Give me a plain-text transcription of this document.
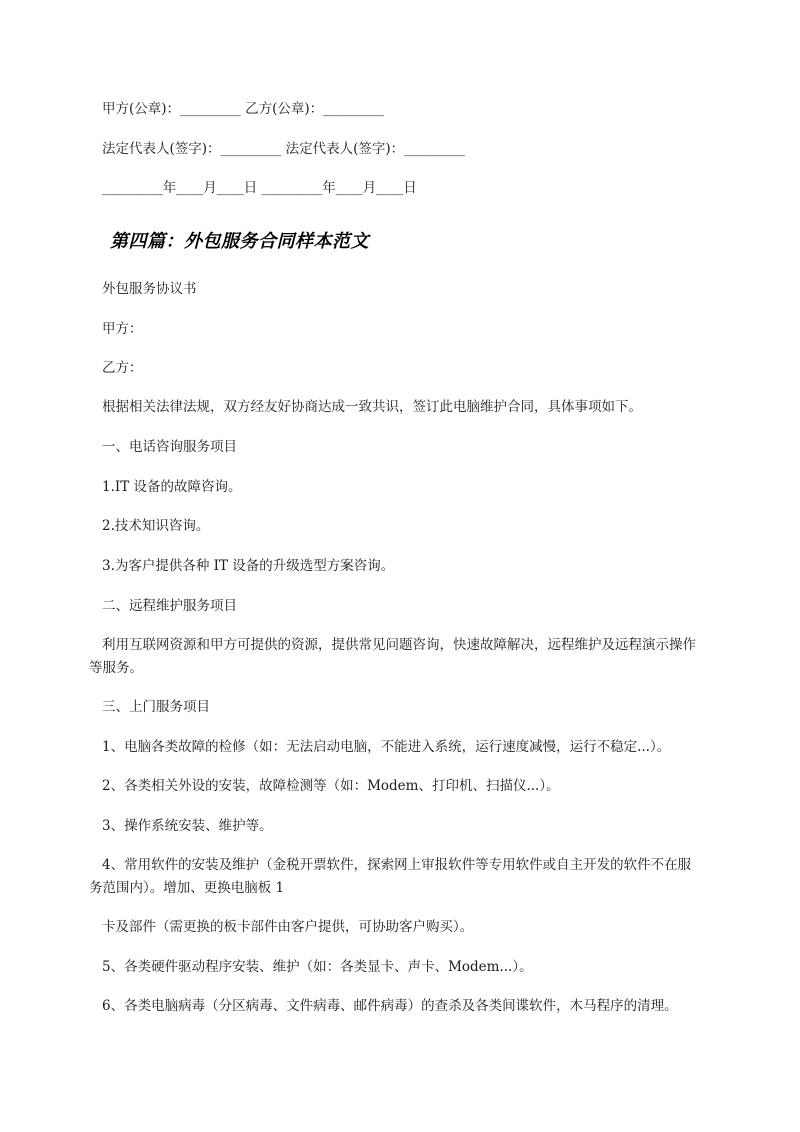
甲方(公章)：_________ 乙方(公章)：_________
法定代表人(签字)：_________ 法定代表人(签字)：_________
_________年____月____日 _________年____月____日
第四篇：外包服务合同样本范文
外包服务协议书
甲方：
乙方：
根据相关法律法规，双方经友好协商达成一致共识，签订此电脑维护合同，具体事项如下。
一、电话咨询服务项目
1.IT 设备的故障咨询。
2.技术知识咨询。
3.为客户提供各种 IT 设备的升级选型方案咨询。
二、远程维护服务项目
利用互联网资源和甲方可提供的资源，提供常见问题咨询，快速故障解决，远程维护及远程演示操作
等服务。
三、上门服务项目
1、电脑各类故障的检修（如：无法启动电脑，不能进入系统，运行速度减慢，运行不稳定...）。
2、各类相关外设的安装，故障检测等（如：Modem、打印机、扫描仪...）。
3、操作系统安装、维护等。
4、常用软件的安装及维护（金税开票软件，探索网上审报软件等专用软件或自主开发的软件不在服
务范围内）。增加、更换电脑板 1
卡及部件（需更换的板卡部件由客户提供，可协助客户购买）。
5、各类硬件驱动程序安装、维护（如：各类显卡、声卡、Modem...）。
6、各类电脑病毒（分区病毒、文件病毒、邮件病毒）的查杀及各类间谍软件，木马程序的清理。
